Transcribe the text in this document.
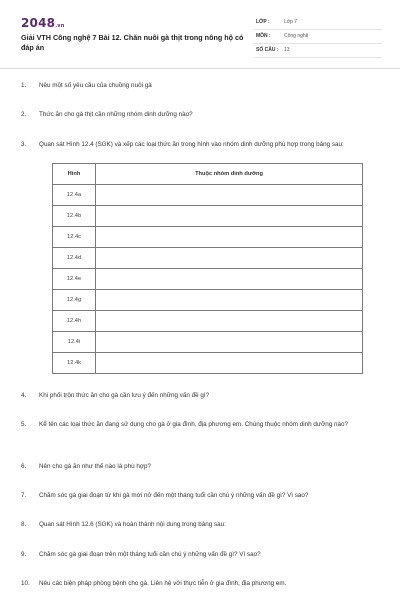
2048.vn
Giải VTH Công nghệ 7 Bài 12. Chăn nuôi gà thịt trong nông hộ có đáp án
LỚP :	Lớp 7
MÔN :	Công nghệ
SỐ CÂU : 13
1. Nêu một số yêu cầu của chuồng nuôi gà
2. Thức ăn cho gà thịt cần những nhóm dinh dưỡng nào?
3. Quan sát Hình 12.4 (SGK) và xếp các loại thức ăn trong hình vào nhóm dinh dưỡng phù hợp trong bảng sau:
Hình	Thuộc nhóm dinh dưỡng
12.4a	
12.4b	
12.4c	
12.4d	
12.4e	
12.4g	
12.4h	
12.4i	
12.4k	
4. Khi phối trộn thức ăn cho gà cần lưu ý đến những vấn đề gì?
5. Kể tên các loại thức ăn đang sử dụng cho gà ở gia đình, địa phương em. Chúng thuộc nhóm dinh dưỡng nào?
6. Nên cho gà ăn như thế nào là phù hợp?
7. Chăm sóc gà giai đoạn từ khi gà mới nở đến một tháng tuổi cần chú ý những vấn đề gì? Vì sao?
8. Quan sát Hình 12.6 (SGK) và hoàn thành nội dung trong bảng sau:
9. Chăm sóc gà giai đoạn trên một tháng tuổi cần chú ý những vấn đề gì? Vì sao?
10. Nêu các biện pháp phòng bệnh cho gà. Liên hệ với thực tiễn ở gia đình, địa phương em.
